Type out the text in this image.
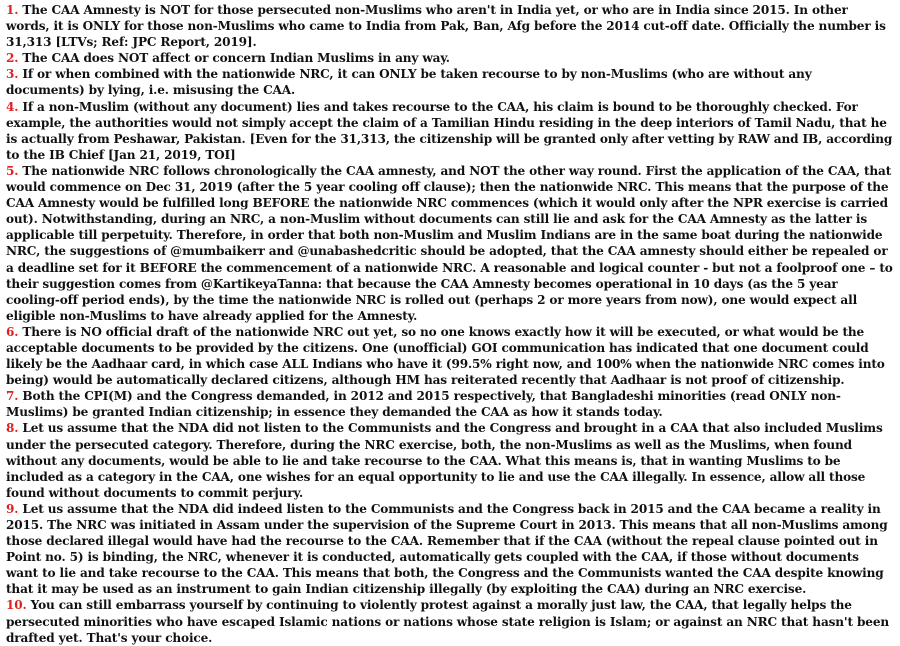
1. The CAA Amnesty is NOT for those persecuted non-Muslims who aren't in India yet, or who are in India since 2015. In other words, it is ONLY for those non-Muslims who came to India from Pak, Ban, Afg before the 2014 cut-off date. Officially the number is 31,313 [LTVs; Ref: JPC Report, 2019].

2. The CAA does NOT affect or concern Indian Muslims in any way.

3. If or when combined with the nationwide NRC, it can ONLY be taken recourse to by non-Muslims (who are without any documents) by lying, i.e. misusing the CAA.

4. If a non-Muslim (without any document) lies and takes recourse to the CAA, his claim is bound to be thoroughly checked. For example, the authorities would not simply accept the claim of a Tamilian Hindu residing in the deep interiors of Tamil Nadu, that he is actually from Peshawar, Pakistan. [Even for the 31,313, the citizenship will be granted only after vetting by RAW and IB, according to the IB Chief [Jan 21, 2019, TOI]

5. The nationwide NRC follows chronologically the CAA amnesty, and NOT the other way round. First the application of the CAA, that would commence on Dec 31, 2019 (after the 5 year cooling off clause); then the nationwide NRC. This means that the purpose of the CAA Amnesty would be fulfilled long BEFORE the nationwide NRC commences (which it would only after the NPR exercise is carried out). Notwithstanding, during an NRC, a non-Muslim without documents can still lie and ask for the CAA Amnesty as the latter is applicable till perpetuity. Therefore, in order that both non-Muslim and Muslim Indians are in the same boat during the nationwide NRC, the suggestions of @mumbaikerr and @unabashedcritic should be adopted, that the CAA amnesty should either be repealed or a deadline set for it BEFORE the commencement of a nationwide NRC. A reasonable and logical counter - but not a foolproof one – to their suggestion comes from @KartikeyaTanna: that because the CAA Amnesty becomes operational in 10 days (as the 5 year cooling-off period ends), by the time the nationwide NRC is rolled out (perhaps 2 or more years from now), one would expect all eligible non-Muslims to have already applied for the Amnesty.

6. There is NO official draft of the nationwide NRC out yet, so no one knows exactly how it will be executed, or what would be the acceptable documents to be provided by the citizens. One (unofficial) GOI communication has indicated that one document could likely be the Aadhaar card, in which case ALL Indians who have it (99.5% right now, and 100% when the nationwide NRC comes into being) would be automatically declared citizens, although HM has reiterated recently that Aadhaar is not proof of citizenship.

7. Both the CPI(M) and the Congress demanded, in 2012 and 2015 respectively, that Bangladeshi minorities (read ONLY non-Muslims) be granted Indian citizenship; in essence they demanded the CAA as how it stands today.

8. Let us assume that the NDA did not listen to the Communists and the Congress and brought in a CAA that also included Muslims under the persecuted category. Therefore, during the NRC exercise, both, the non-Muslims as well as the Muslims, when found without any documents, would be able to lie and take recourse to the CAA. What this means is, that in wanting Muslims to be included as a category in the CAA, one wishes for an equal opportunity to lie and use the CAA illegally. In essence, allow all those found without documents to commit perjury.

9. Let us assume that the NDA did indeed listen to the Communists and the Congress back in 2015 and the CAA became a reality in 2015. The NRC was initiated in Assam under the supervision of the Supreme Court in 2013. This means that all non-Muslims among those declared illegal would have had the recourse to the CAA. Remember that if the CAA (without the repeal clause pointed out in Point no. 5) is binding, the NRC, whenever it is conducted, automatically gets coupled with the CAA, if those without documents want to lie and take recourse to the CAA. This means that both, the Congress and the Communists wanted the CAA despite knowing that it may be used as an instrument to gain Indian citizenship illegally (by exploiting the CAA) during an NRC exercise.

10. You can still embarrass yourself by continuing to violently protest against a morally just law, the CAA, that legally helps the persecuted minorities who have escaped Islamic nations or nations whose state religion is Islam; or against an NRC that hasn't been drafted yet. That's your choice.
